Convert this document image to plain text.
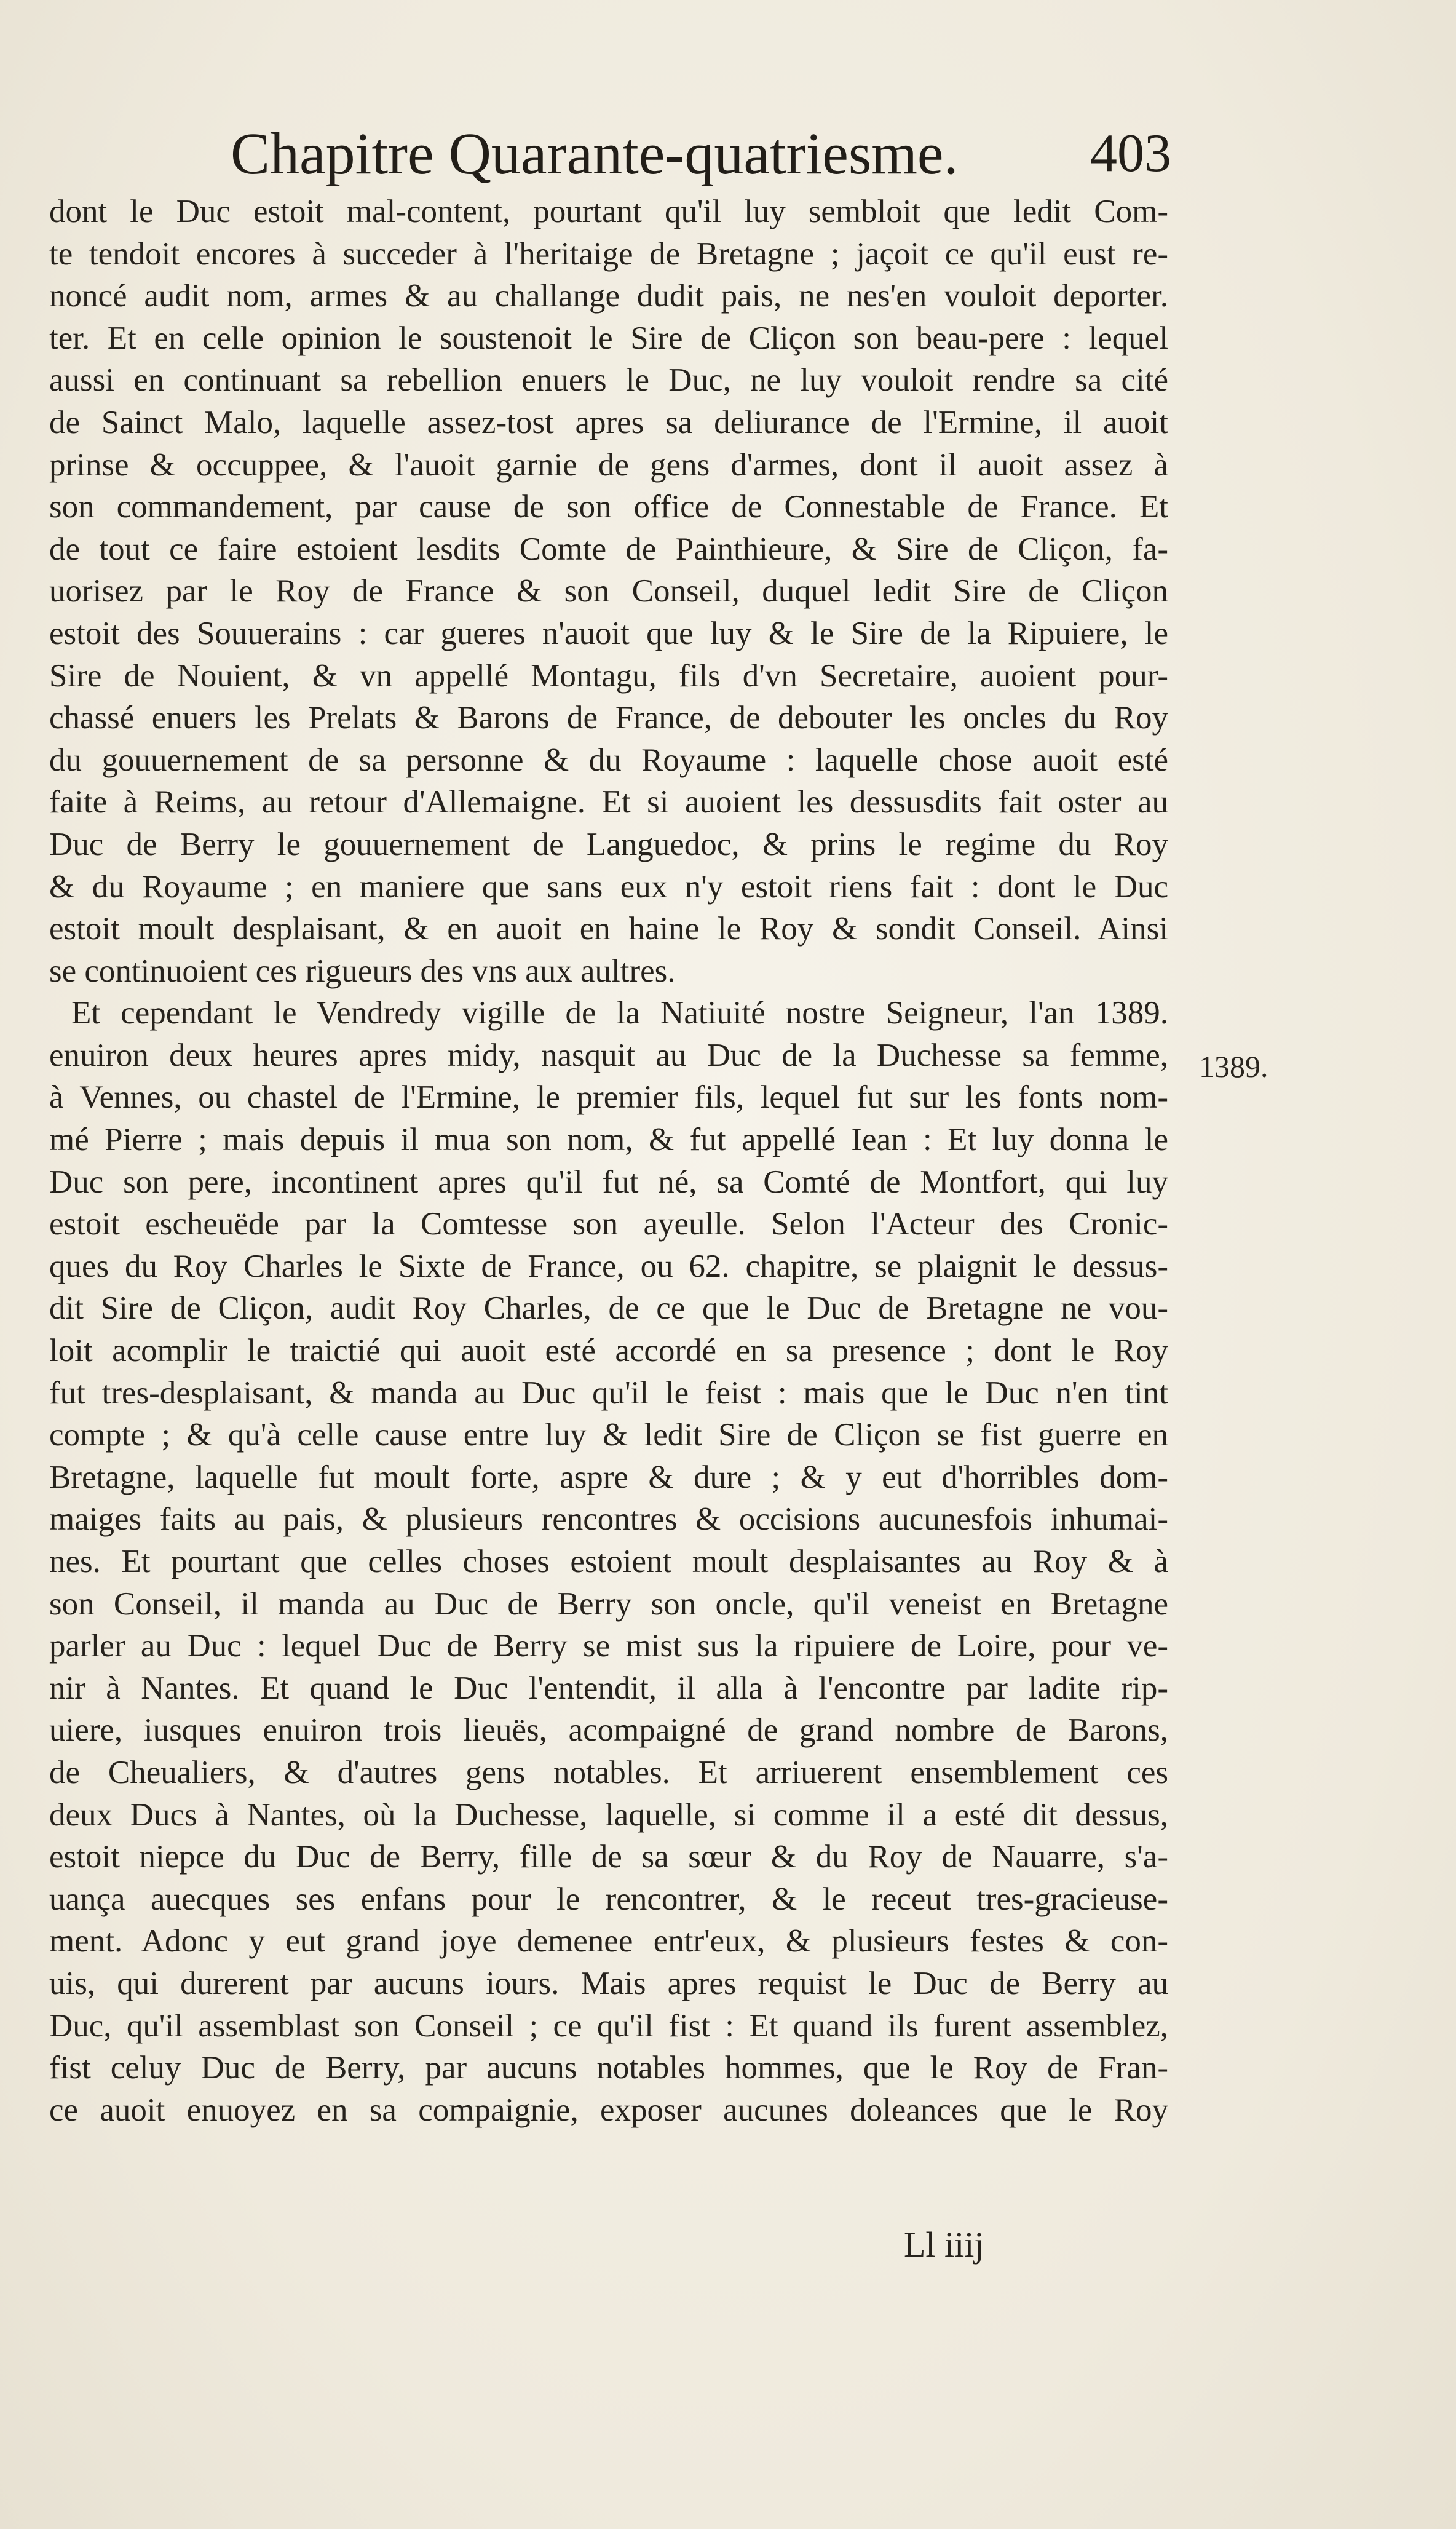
Chapitre Quarante-quatriesme. 403
dont le Duc estoit mal-content, pourtant qu'il luy sembloit que ledit Com-
te tendoit encores à succeder à l'heritaige de Bretagne ; jaçoit ce qu'il eust re-
noncé audit nom, armes & au challange dudit pais, ne nes'en vouloit deporter.
ter. Et en celle opinion le soustenoit le Sire de Cliçon son beau-pere : lequel
aussi en continuant sa rebellion enuers le Duc, ne luy vouloit rendre sa cité
de Sainct Malo, laquelle assez-tost apres sa deliurance de l'Ermine, il auoit
prinse & occuppee, & l'auoit garnie de gens d'armes, dont il auoit assez à
son commandement, par cause de son office de Connestable de France. Et
de tout ce faire estoient lesdits Comte de Painthieure, & Sire de Cliçon, fa-
uorisez par le Roy de France & son Conseil, duquel ledit Sire de Cliçon
estoit des Souuerains : car gueres n'auoit que luy & le Sire de la Ripuiere, le
Sire de Nouient, & vn appellé Montagu, fils d'vn Secretaire, auoient pour-
chassé enuers les Prelats & Barons de France, de debouter les oncles du Roy
du gouuernement de sa personne & du Royaume : laquelle chose auoit esté
faite à Reims, au retour d'Allemaigne. Et si auoient les dessusdits fait oster au
Duc de Berry le gouuernement de Languedoc, & prins le regime du Roy
& du Royaume ; en maniere que sans eux n'y estoit riens fait : dont le Duc
estoit moult desplaisant, & en auoit en haine le Roy & sondit Conseil. Ainsi
se continuoient ces rigueurs des vns aux aultres.
Et cependant le Vendredy vigille de la Natiuité nostre Seigneur, l'an 1389.
enuiron deux heures apres midy, nasquit au Duc de la Duchesse sa femme,
à Vennes, ou chastel de l'Ermine, le premier fils, lequel fut sur les fonts nom-
mé Pierre ; mais depuis il mua son nom, & fut appellé Iean : Et luy donna le
Duc son pere, incontinent apres qu'il fut né, sa Comté de Montfort, qui luy
estoit escheuëde par la Comtesse son ayeulle. Selon l'Acteur des Cronic-
ques du Roy Charles le Sixte de France, ou 62. chapitre, se plaignit le dessus-
dit Sire de Cliçon, audit Roy Charles, de ce que le Duc de Bretagne ne vou-
loit acomplir le traictié qui auoit esté accordé en sa presence ; dont le Roy
fut tres-desplaisant, & manda au Duc qu'il le feist : mais que le Duc n'en tint
compte ; & qu'à celle cause entre luy & ledit Sire de Cliçon se fist guerre en
Bretagne, laquelle fut moult forte, aspre & dure ; & y eut d'horribles dom-
maiges faits au pais, & plusieurs rencontres & occisions aucunesfois inhumai-
nes. Et pourtant que celles choses estoient moult desplaisantes au Roy & à
son Conseil, il manda au Duc de Berry son oncle, qu'il veneist en Bretagne
parler au Duc : lequel Duc de Berry se mist sus la ripuiere de Loire, pour ve-
nir à Nantes. Et quand le Duc l'entendit, il alla à l'encontre par ladite rip-
uiere, iusques enuiron trois lieuës, acompaigné de grand nombre de Barons,
de Cheualiers, & d'autres gens notables. Et arriuerent ensemblement ces
deux Ducs à Nantes, où la Duchesse, laquelle, si comme il a esté dit dessus,
estoit niepce du Duc de Berry, fille de sa sœur & du Roy de Nauarre, s'a-
uança auecques ses enfans pour le rencontrer, & le receut tres-gracieuse-
ment. Adonc y eut grand joye demenee entr'eux, & plusieurs festes & con-
uis, qui durerent par aucuns iours. Mais apres requist le Duc de Berry au
Duc, qu'il assemblast son Conseil ; ce qu'il fist : Et quand ils furent assemblez,
fist celuy Duc de Berry, par aucuns notables hommes, que le Roy de Fran-
ce auoit enuoyez en sa compaignie, exposer aucunes doleances que le Roy
1389.
Ll iiij
